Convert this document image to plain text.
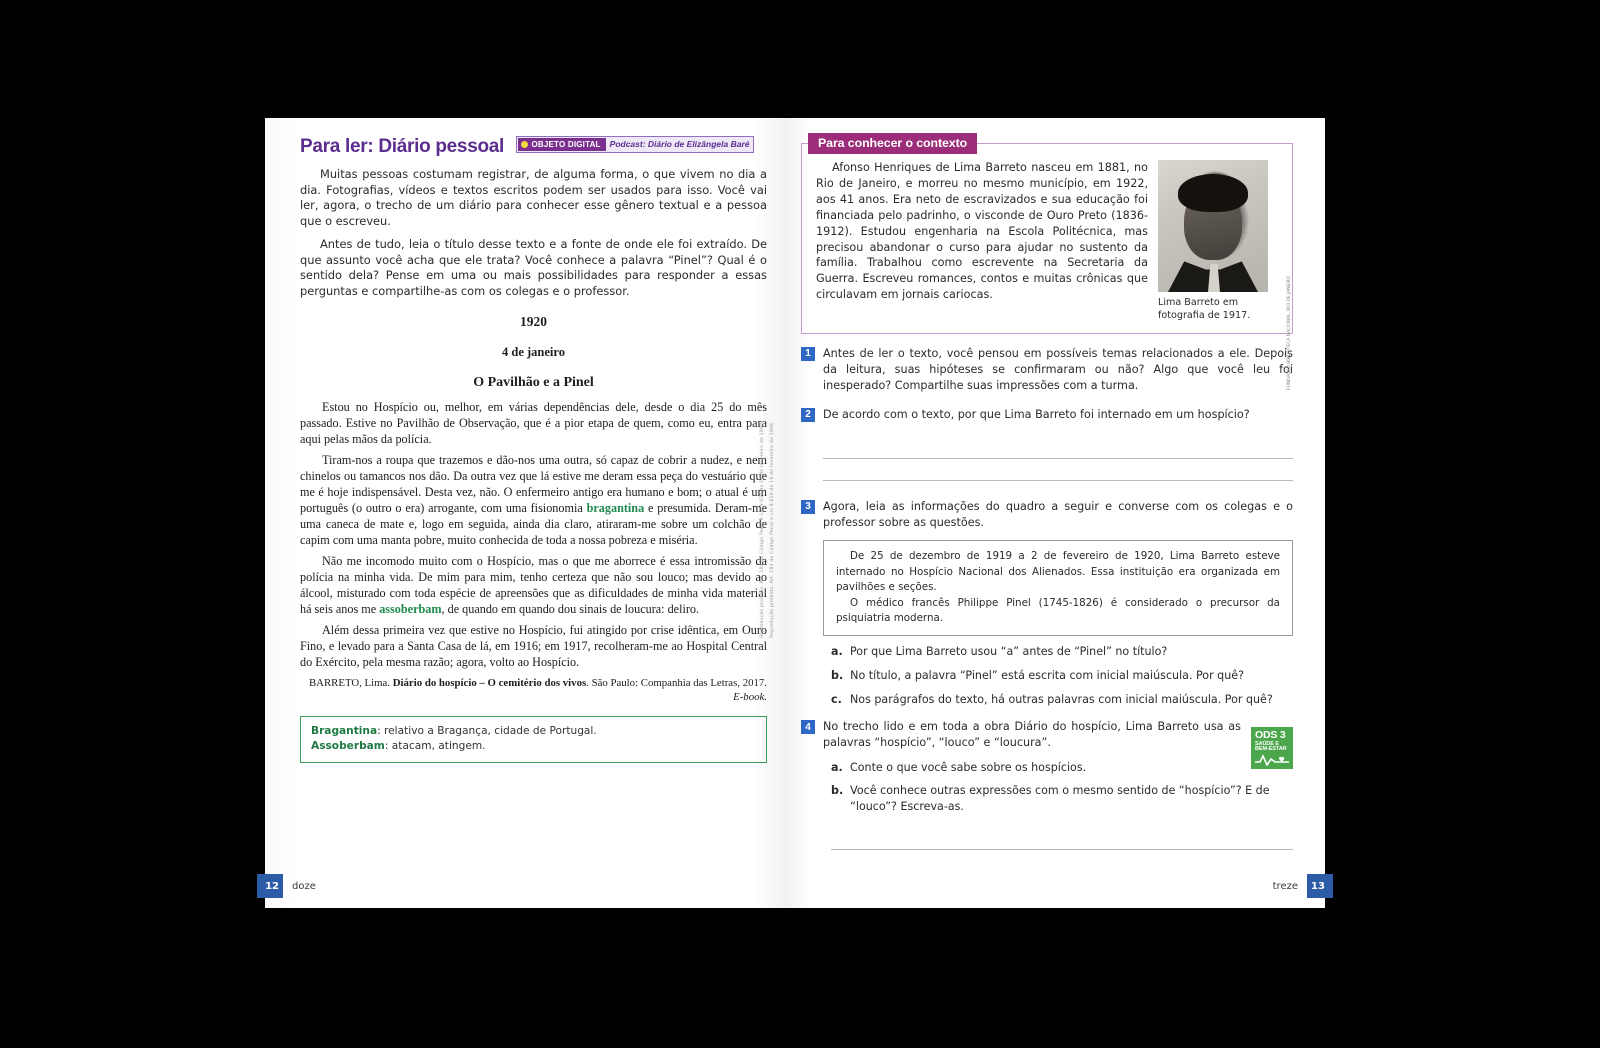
Para ler: Diário pessoal	OBJETO DIGITAL Podcast: Diário de Elizângela Baré

Muitas pessoas costumam registrar, de alguma forma, o que vivem no dia a dia. Fotografias, vídeos e textos escritos podem ser usados para isso. Você vai ler, agora, o trecho de um diário para conhecer esse gênero textual e a pessoa que o escreveu.

Antes de tudo, leia o título desse texto e a fonte de onde ele foi extraído. De que assunto você acha que ele trata? Você conhece a palavra “Pinel”? Qual é o sentido dela? Pense em uma ou mais possibilidades para responder a essas perguntas e compartilhe-as com os colegas e o professor.

1920
4 de janeiro
O Pavilhão e a Pinel

Estou no Hospício ou, melhor, em várias dependências dele, desde o dia 25 do mês passado. Estive no Pavilhão de Observação, que é a pior etapa de quem, como eu, entra para aqui pelas mãos da polícia.

Tiram-nos a roupa que trazemos e dão-nos uma outra, só capaz de cobrir a nudez, e nem chinelos ou tamancos nos dão. Da outra vez que lá estive me deram essa peça do vestuário que me é hoje indispensável. Desta vez, não. O enfermeiro antigo era humano e bom; o atual é um português (o outro o era) arrogante, com uma fisionomia bragantina e presumida. Deram-me uma caneca de mate e, logo em seguida, ainda dia claro, atiraram-me sobre um colchão de capim com uma manta pobre, muito conhecida de toda a nossa pobreza e miséria.

Não me incomodo muito com o Hospício, mas o que me aborrece é essa intromissão da polícia na minha vida. De mim para mim, tenho certeza que não sou louco; mas devido ao álcool, misturado com toda espécie de apreensões que as dificuldades de minha vida material há seis anos me assoberbam, de quando em quando dou sinais de loucura: deliro.

Além dessa primeira vez que estive no Hospício, fui atingido por crise idêntica, em Ouro Fino, e levado para a Santa Casa de lá, em 1916; em 1917, recolheram-me ao Hospital Central do Exército, pela mesma razão; agora, volto ao Hospício.

BARRETO, Lima. Diário do hospício – O cemitério dos vivos. São Paulo: Companhia das Letras, 2017. E-book.
Bragantina: relativo a Bragança, cidade de Portugal.
Assoberbam: atacam, atingem.
Reprodução proibida. Art. 184 do Código Penal e Lei 9.610 de 19 de fevereiro de 1998. Reprodução proibida. Art. 184 do Código Penal e Lei 9.610 de 19 de fevereiro de 1998.
12	doze
Para conhecer o contexto

Afonso Henriques de Lima Barreto nasceu em 1881, no Rio de Janeiro, e morreu no mesmo município, em 1922, aos 41 anos. Era neto de escravizados e sua educação foi financiada pelo padrinho, o visconde de Ouro Preto (1836-1912). Estudou engenharia na Escola Politécnica, mas precisou abandonar o curso para ajudar no sustento da família. Trabalhou como escrevente na Secretaria da Guerra. Escreveu romances, contos e muitas crônicas que circulavam em jornais cariocas.

Lima Barreto em fotografia de 1917.	FUNDAÇÃO BIBLIOTECA NACIONAL, RIO DE JANEIRO
1	Antes de ler o texto, você pensou em possíveis temas relacionados a ele. Depois da leitura, suas hipóteses se confirmaram ou não? Algo que você leu foi inesperado? Compartilhe suas impressões com a turma.
2	De acordo com o texto, por que Lima Barreto foi internado em um hospício?
3	Agora, leia as informações do quadro a seguir e converse com os colegas e o professor sobre as questões.

De 25 de dezembro de 1919 a 2 de fevereiro de 1920, Lima Barreto esteve internado no Hospício Nacional dos Alienados. Essa instituição era organizada em pavilhões e seções.

O médico francês Philippe Pinel (1745-1826) é considerado o precursor da psiquiatria moderna.

a. Por que Lima Barreto usou “a” antes de “Pinel” no título?
b. No título, a palavra “Pinel” está escrita com inicial maiúscula. Por quê?
c. Nos parágrafos do texto, há outras palavras com inicial maiúscula. Por quê?
4	No trecho lido e em toda a obra Diário do hospício, Lima Barreto usa as palavras “hospício”, “louco” e “loucura”.
ODS 3
SAÚDE E BEM-ESTAR
a. Conte o que você sabe sobre os hospícios.
b. Você conhece outras expressões com o mesmo sentido de “hospício”? E de “louco”? Escreva-as.
treze	13
